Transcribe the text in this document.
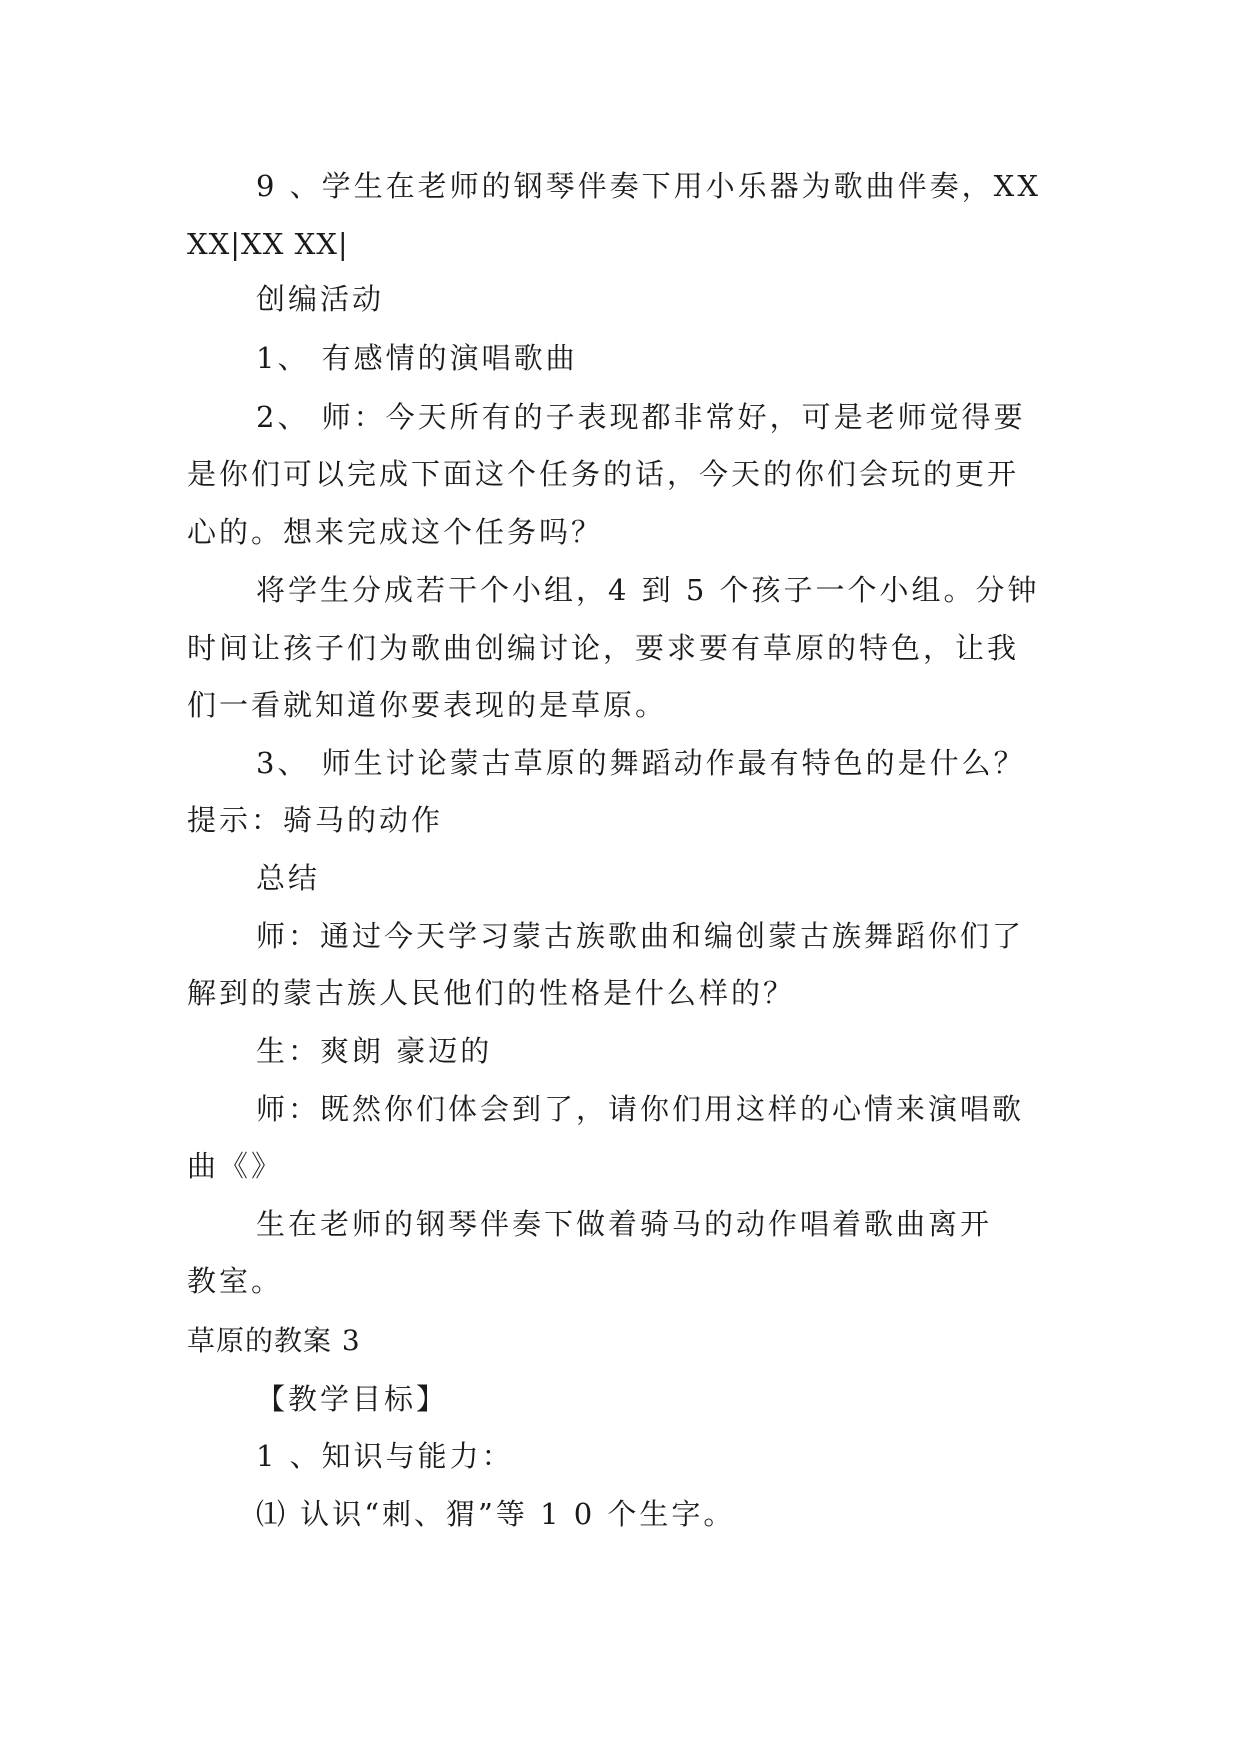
9 、学生在老师的钢琴伴奏下用小乐器为歌曲伴奏，XX
XX|XX XX|
创编活动
1、 有感情的演唱歌曲
2、 师：今天所有的子表现都非常好，可是老师觉得要
是你们可以完成下面这个任务的话，今天的你们会玩的更开
心的。想来完成这个任务吗？
将学生分成若干个小组，4 到 5 个孩子一个小组。分钟
时间让孩子们为歌曲创编讨论，要求要有草原的特色，让我
们一看就知道你要表现的是草原。
3、 师生讨论蒙古草原的舞蹈动作最有特色的是什么？
提示：骑马的动作
总结
师：通过今天学习蒙古族歌曲和编创蒙古族舞蹈你们了
解到的蒙古族人民他们的性格是什么样的？
生：爽朗 豪迈的
师：既然你们体会到了，请你们用这样的心情来演唱歌
曲《》
生在老师的钢琴伴奏下做着骑马的动作唱着歌曲离开
教室。
草原的教案 3
【教学目标】
1 、知识与能力：
⑴ 认识“刺、猬”等 1 0 个生字。
